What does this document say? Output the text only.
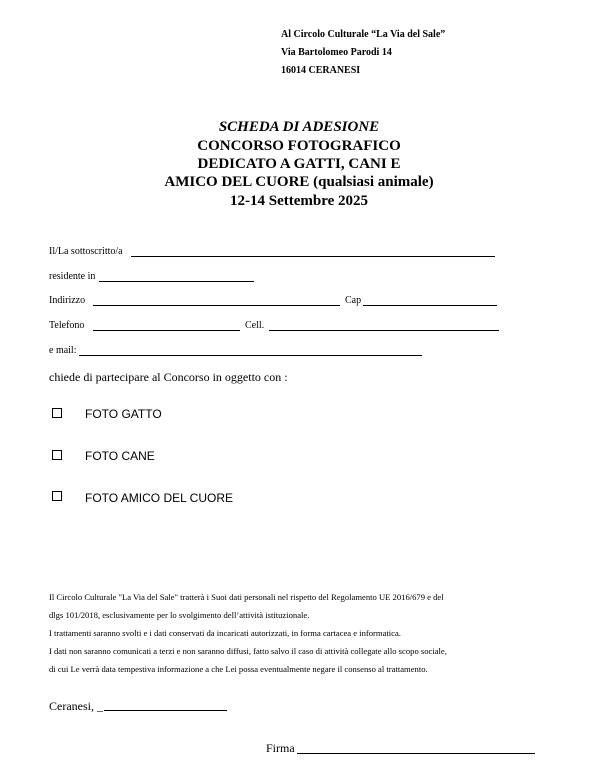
Al Circolo Culturale “La Via del Sale”
Via Bartolomeo Parodi 14
16014 CERANESI
SCHEDA DI ADESIONE
CONCORSO FOTOGRAFICO
DEDICATO A GATTI, CANI E
AMICO DEL CUORE (qualsiasi animale)
12-14 Settembre 2025
Il/La sottoscritto/a
residente in
Indirizzo	Cap
Telefono	Cell.
e mail:
chiede di partecipare al Concorso in oggetto con :
FOTO GATTO
FOTO CANE
FOTO AMICO DEL CUORE
Il Circolo Culturale "La Via del Sale" tratterà i Suoi dati personali nel rispetto del Regolamento UE 2016/679 e del
dlgs 101/2018, esclusivamente per lo svolgimento dell’attività istituzionale.
I trattamenti saranno svolti e i dati conservati da incaricati autorizzati, in forma cartacea e informatica.
I dati non saranno comunicati a terzi e non saranno diffusi, fatto salvo il caso di attività collegate allo scopo sociale,
di cui Le verrà data tempestiva informazione a che Lei possa eventualmente negare il consenso al trattamento.
Ceranesi, _
Firma
